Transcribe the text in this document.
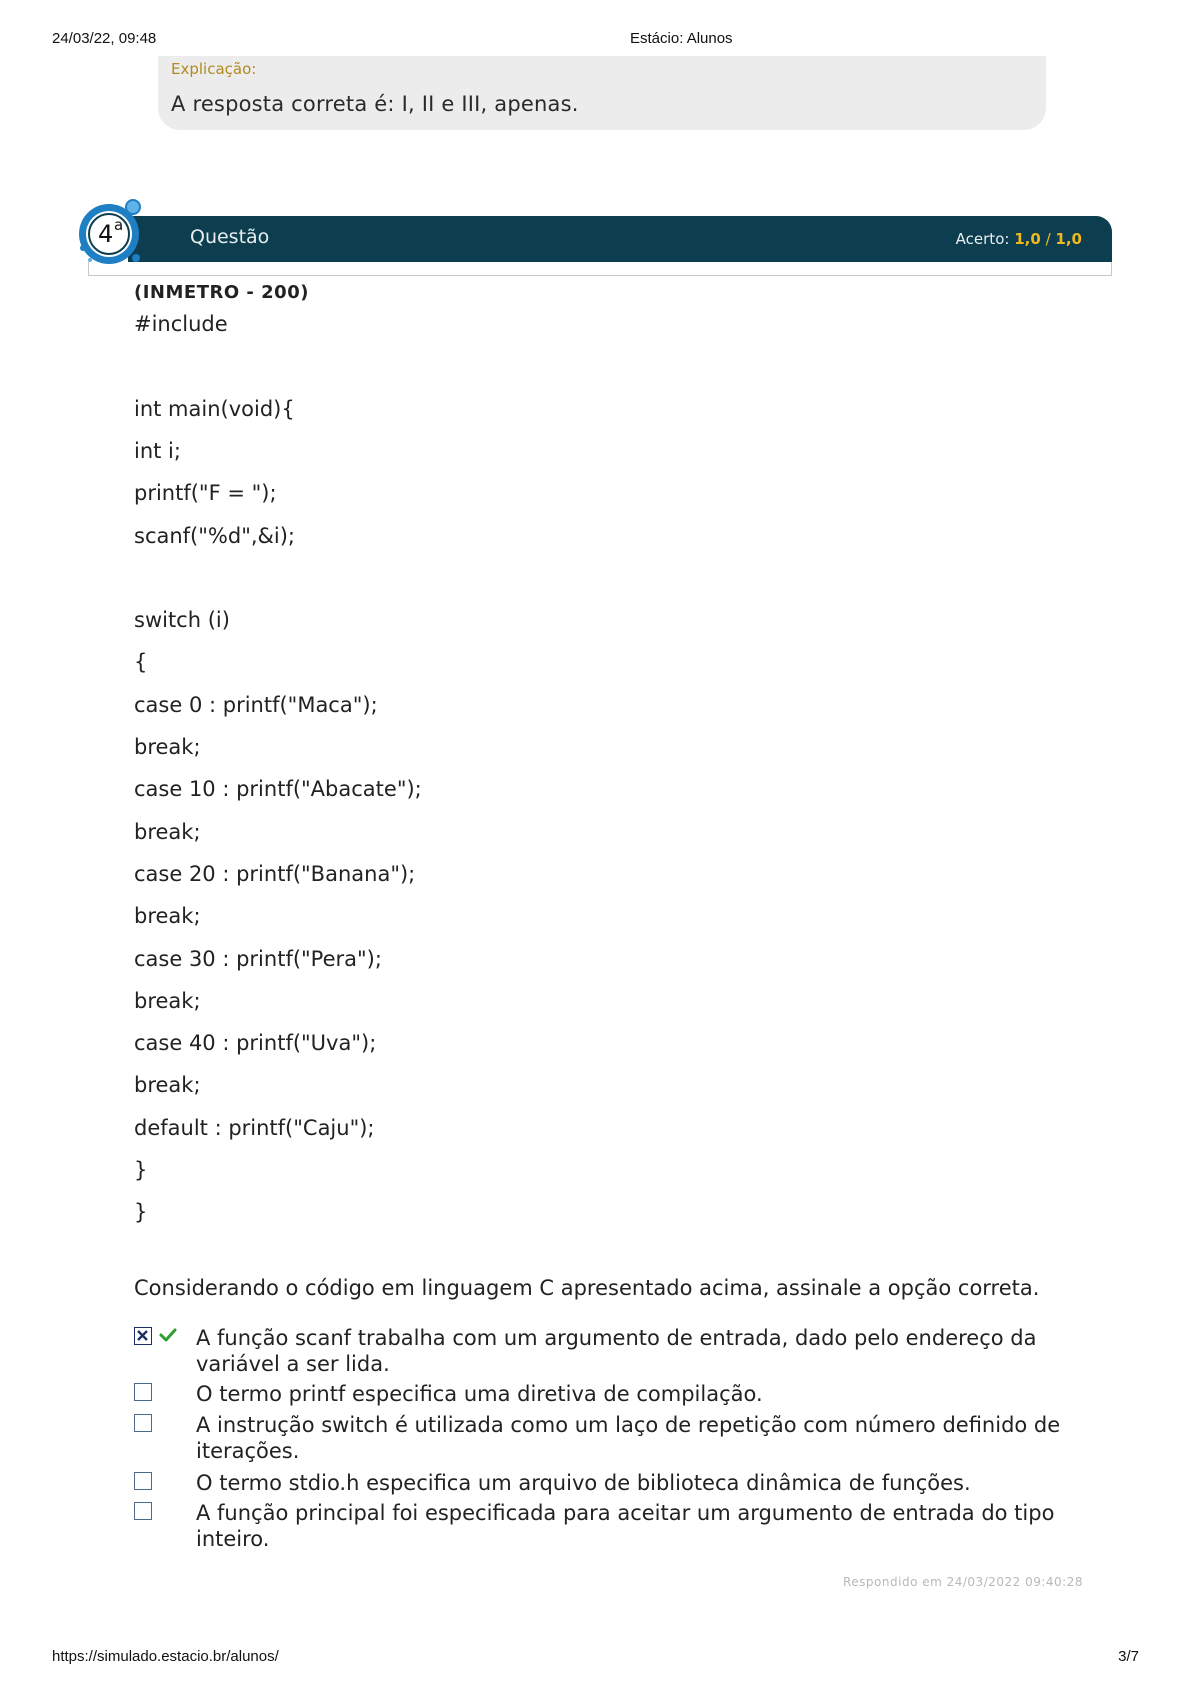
24/03/22, 09:48	Estácio: Alunos
Explicação:
A resposta correta é: I, II e III, apenas.
Questão	Acerto: 1,0 / 1,0
4 a
(INMETRO - 200)
#include
int main(void){
int i;
printf("F = ");
scanf("%d",&i);
switch (i)
{
case 0 : printf("Maca");
break;
case 10 : printf("Abacate");
break;
case 20 : printf("Banana");
break;
case 30 : printf("Pera");
break;
case 40 : printf("Uva");
break;
default : printf("Caju");
}
}
Considerando o código em linguagem C apresentado acima, assinale a opção correta.
A função scanf trabalha com um argumento de entrada, dado pelo endereço da variável a ser lida.
O termo printf especifica uma diretiva de compilação.
A instrução switch é utilizada como um laço de repetição com número definido de iterações.
O termo stdio.h especifica um arquivo de biblioteca dinâmica de funções.
A função principal foi especificada para aceitar um argumento de entrada do tipo inteiro.
Respondido em 24/03/2022 09:40:28
https://simulado.estacio.br/alunos/	3/7
